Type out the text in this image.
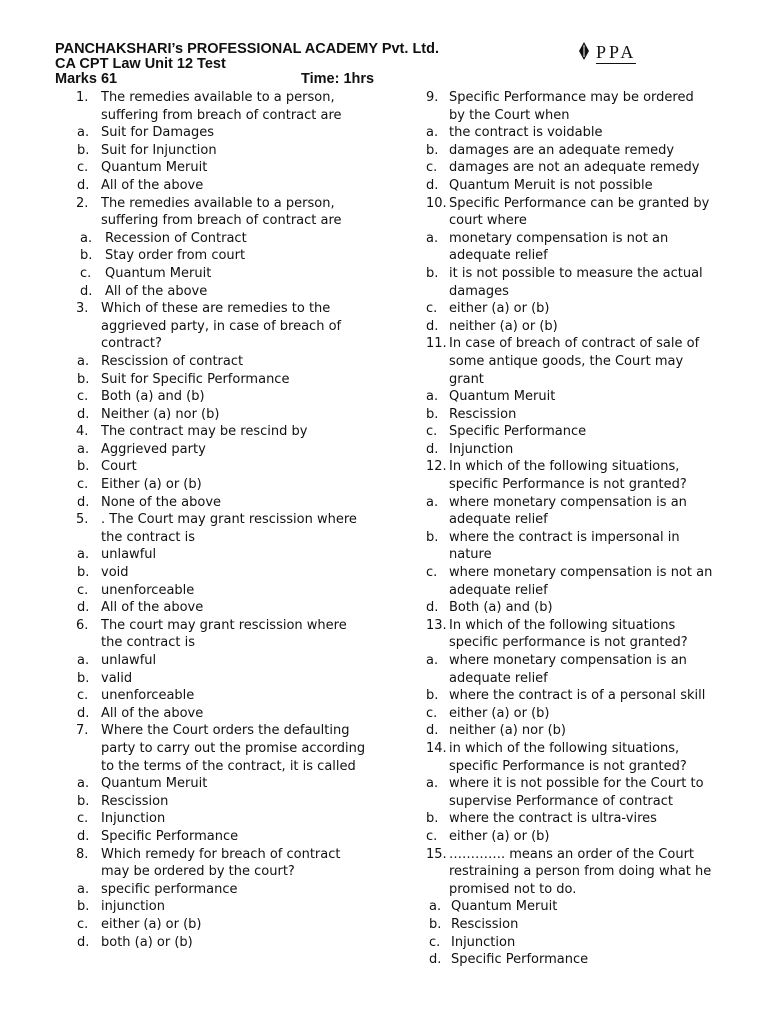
PANCHAKSHARI’s PROFESSIONAL ACADEMY Pvt. Ltd.
CA CPT Law Unit 12 Test
Marks 61	Time: 1hrs
PPA
1. The remedies available to a person, suffering from breach of contract are
a. Suit for Damages
b. Suit for Injunction
c. Quantum Meruit
d. All of the above
2. The remedies available to a person, suffering from breach of contract are
a. Recession of Contract
b. Stay order from court
c.	Quantum Meruit
d. All of the above
3. Which of these are remedies to the aggrieved party, in case of breach of contract?
a. Rescission of contract
b. Suit for Specific Performance
c. Both (a) and (b)
d. Neither (a) nor (b)
4. The contract may be rescind by
a. Aggrieved party
b. Court
c. Either (a) or (b)
d. None of the above
5. . The Court may grant rescission where the contract is
a. unlawful
b. void
c. unenforceable
d. All of the above
6. The court may grant rescission where the contract is
a. unlawful
b. valid
c. unenforceable
d. All of the above
7. Where the Court orders the defaulting party to carry out the promise according to the terms of the contract, it is called
a. Quantum Meruit
b. Rescission
c. Injunction
d. Specific Performance
8. Which remedy for breach of contract may be ordered by the court?
a. specific performance
b. injunction
c. either (a) or (b)
d. both (a) or (b)
9. Specific Performance may be ordered by the Court when
a. the contract is voidable
b. damages are an adequate remedy
c. damages are not an adequate remedy
d. Quantum Meruit is not possible
10. Specific Performance can be granted by court where
a. monetary compensation is not an adequate relief
b. it is not possible to measure the actual damages
c. either (a) or (b)
d. neither (a) or (b)
11. In case of breach of contract of sale of some antique goods, the Court may grant
a. Quantum Meruit
b. Rescission
c. Specific Performance
d. Injunction
12. In which of the following situations, specific Performance is not granted?
a. where monetary compensation is an adequate relief
b. where the contract is impersonal in nature
c. where monetary compensation is not an adequate relief
d. Both (a) and (b)
13. In which of the following situations specific performance is not granted?
a. where monetary compensation is an adequate relief
b. where the contract is of a personal skill
c. either (a) or (b)
d. neither (a) nor (b)
14. in which of the following situations, specific Performance is not granted?
a. where it is not possible for the Court to supervise Performance of contract
b. where the contract is ultra-vires
c. either (a) or (b)
15. …………. means an order of the Court restraining a person from doing what he promised not to do.
a. Quantum Meruit
b. Rescission
c. Injunction
d. Specific Performance
